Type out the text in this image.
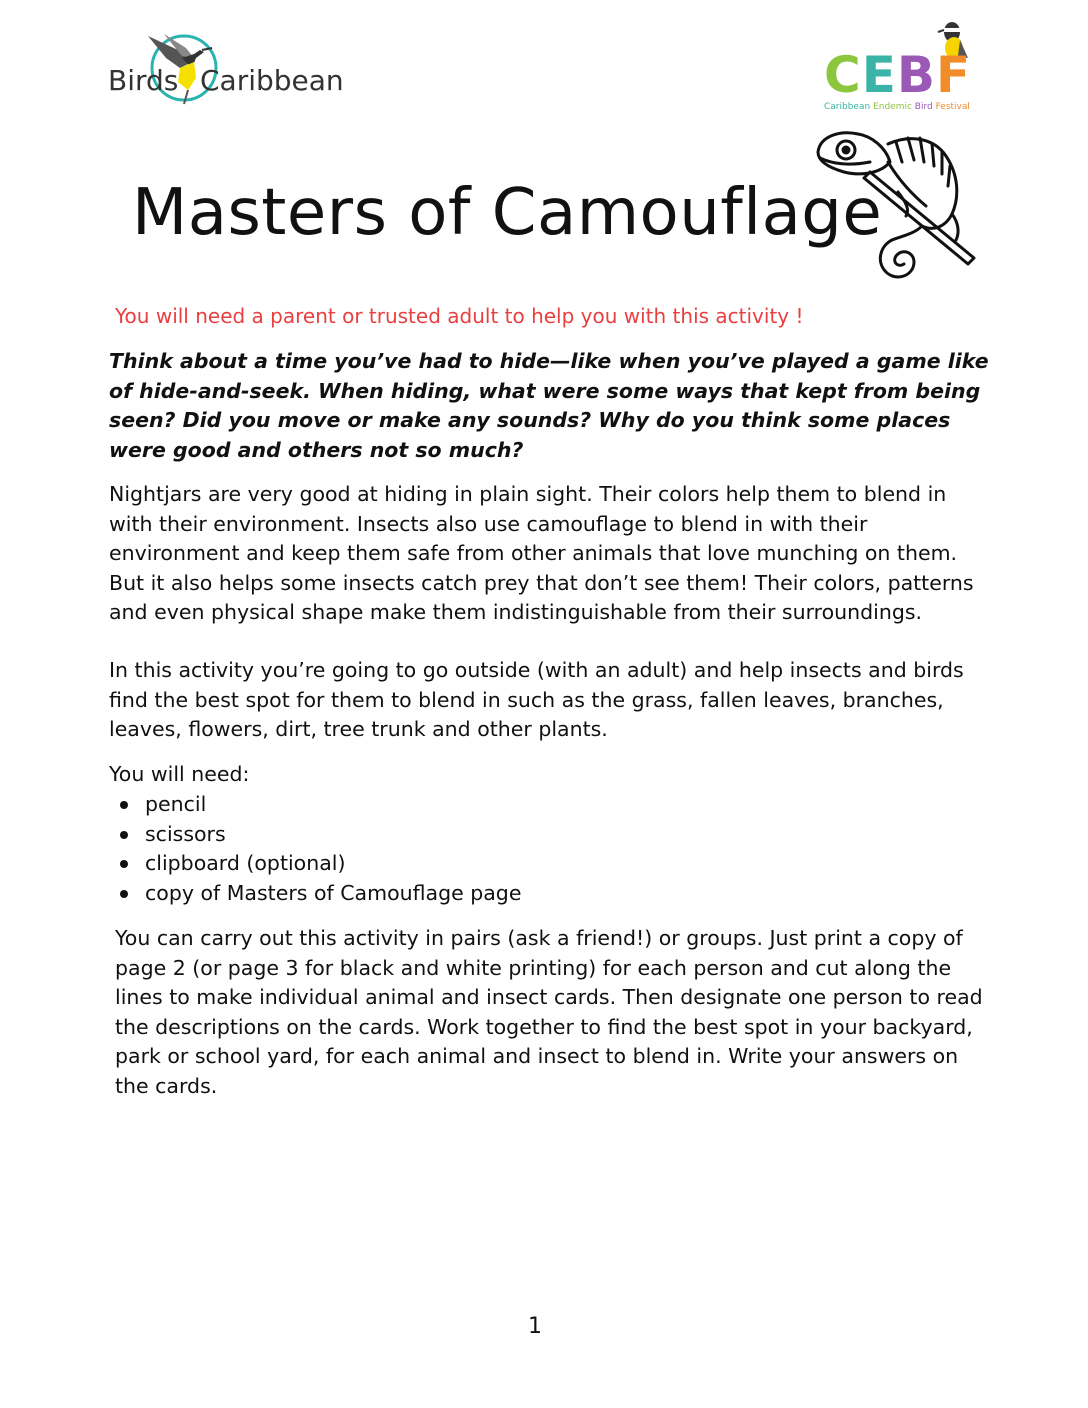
Birds Caribbean	CEBF
Caribbean Endemic Bird Festival
Masters of Camouflage
You will need a parent or trusted adult to help you with this activity !
Think about a time you’ve had to hide—like when you’ve played a game like of hide-and-seek. When hiding, what were some ways that kept from being seen? Did you move or make any sounds? Why do you think some places were good and others not so much?
Nightjars are very good at hiding in plain sight. Their colors help them to blend in with their environment. Insects also use camouflage to blend in with their environment and keep them safe from other animals that love munching on them. But it also helps some insects catch prey that don’t see them! Their colors, patterns and even physical shape make them indistinguishable from their surroundings.
In this activity you’re going to go outside (with an adult) and help insects and birds find the best spot for them to blend in such as the grass, fallen leaves, branches, leaves, flowers, dirt, tree trunk and other plants.
You will need:
pencil
scissors
clipboard (optional)
copy of Masters of Camouflage page
You can carry out this activity in pairs (ask a friend!) or groups. Just print a copy of page 2 (or page 3 for black and white printing) for each person and cut along the lines to make individual animal and insect cards. Then designate one person to read the descriptions on the cards. Work together to find the best spot in your backyard, park or school yard, for each animal and insect to blend in. Write your answers on the cards.
1
